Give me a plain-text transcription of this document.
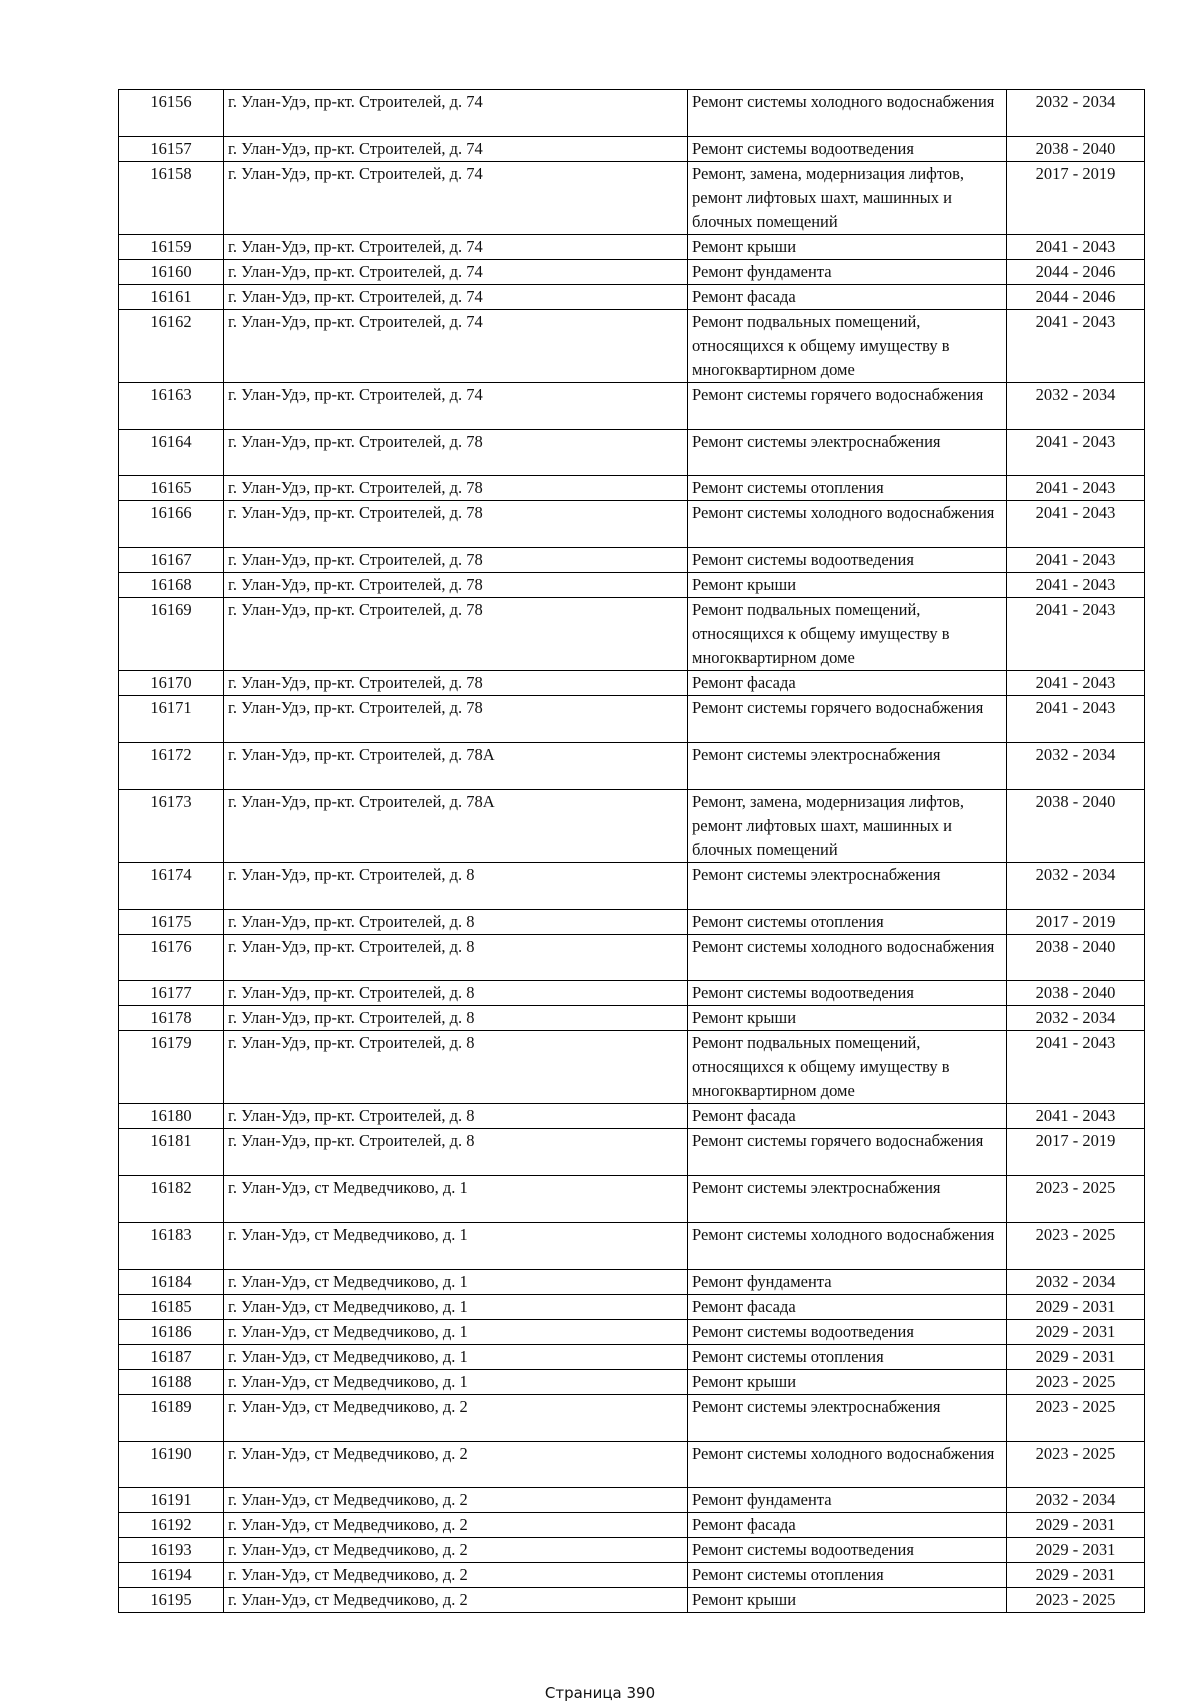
16156	г. Улан-Удэ, пр-кт. Строителей, д. 74	Ремонт системы холодного водоснабжения	2032 - 2034
16157	г. Улан-Удэ, пр-кт. Строителей, д. 74	Ремонт системы водоотведения	2038 - 2040
16158	г. Улан-Удэ, пр-кт. Строителей, д. 74	Ремонт, замена, модернизация лифтов, ремонт лифтовых шахт, машинных и блочных помещений	2017 - 2019
16159	г. Улан-Удэ, пр-кт. Строителей, д. 74	Ремонт крыши	2041 - 2043
16160	г. Улан-Удэ, пр-кт. Строителей, д. 74	Ремонт фундамента	2044 - 2046
16161	г. Улан-Удэ, пр-кт. Строителей, д. 74	Ремонт фасада	2044 - 2046
16162	г. Улан-Удэ, пр-кт. Строителей, д. 74	Ремонт подвальных помещений, относящихся к общему имуществу в многоквартирном доме	2041 - 2043
16163	г. Улан-Удэ, пр-кт. Строителей, д. 74	Ремонт системы горячего водоснабжения	2032 - 2034
16164	г. Улан-Удэ, пр-кт. Строителей, д. 78	Ремонт системы электроснабжения	2041 - 2043
16165	г. Улан-Удэ, пр-кт. Строителей, д. 78	Ремонт системы отопления	2041 - 2043
16166	г. Улан-Удэ, пр-кт. Строителей, д. 78	Ремонт системы холодного водоснабжения	2041 - 2043
16167	г. Улан-Удэ, пр-кт. Строителей, д. 78	Ремонт системы водоотведения	2041 - 2043
16168	г. Улан-Удэ, пр-кт. Строителей, д. 78	Ремонт крыши	2041 - 2043
16169	г. Улан-Удэ, пр-кт. Строителей, д. 78	Ремонт подвальных помещений, относящихся к общему имуществу в многоквартирном доме	2041 - 2043
16170	г. Улан-Удэ, пр-кт. Строителей, д. 78	Ремонт фасада	2041 - 2043
16171	г. Улан-Удэ, пр-кт. Строителей, д. 78	Ремонт системы горячего водоснабжения	2041 - 2043
16172	г. Улан-Удэ, пр-кт. Строителей, д. 78А	Ремонт системы электроснабжения	2032 - 2034
16173	г. Улан-Удэ, пр-кт. Строителей, д. 78А	Ремонт, замена, модернизация лифтов, ремонт лифтовых шахт, машинных и блочных помещений	2038 - 2040
16174	г. Улан-Удэ, пр-кт. Строителей, д. 8	Ремонт системы электроснабжения	2032 - 2034
16175	г. Улан-Удэ, пр-кт. Строителей, д. 8	Ремонт системы отопления	2017 - 2019
16176	г. Улан-Удэ, пр-кт. Строителей, д. 8	Ремонт системы холодного водоснабжения	2038 - 2040
16177	г. Улан-Удэ, пр-кт. Строителей, д. 8	Ремонт системы водоотведения	2038 - 2040
16178	г. Улан-Удэ, пр-кт. Строителей, д. 8	Ремонт крыши	2032 - 2034
16179	г. Улан-Удэ, пр-кт. Строителей, д. 8	Ремонт подвальных помещений, относящихся к общему имуществу в многоквартирном доме	2041 - 2043
16180	г. Улан-Удэ, пр-кт. Строителей, д. 8	Ремонт фасада	2041 - 2043
16181	г. Улан-Удэ, пр-кт. Строителей, д. 8	Ремонт системы горячего водоснабжения	2017 - 2019
16182	г. Улан-Удэ, ст Медведчиково, д. 1	Ремонт системы электроснабжения	2023 - 2025
16183	г. Улан-Удэ, ст Медведчиково, д. 1	Ремонт системы холодного водоснабжения	2023 - 2025
16184	г. Улан-Удэ, ст Медведчиково, д. 1	Ремонт фундамента	2032 - 2034
16185	г. Улан-Удэ, ст Медведчиково, д. 1	Ремонт фасада	2029 - 2031
16186	г. Улан-Удэ, ст Медведчиково, д. 1	Ремонт системы водоотведения	2029 - 2031
16187	г. Улан-Удэ, ст Медведчиково, д. 1	Ремонт системы отопления	2029 - 2031
16188	г. Улан-Удэ, ст Медведчиково, д. 1	Ремонт крыши	2023 - 2025
16189	г. Улан-Удэ, ст Медведчиково, д. 2	Ремонт системы электроснабжения	2023 - 2025
16190	г. Улан-Удэ, ст Медведчиково, д. 2	Ремонт системы холодного водоснабжения	2023 - 2025
16191	г. Улан-Удэ, ст Медведчиково, д. 2	Ремонт фундамента	2032 - 2034
16192	г. Улан-Удэ, ст Медведчиково, д. 2	Ремонт фасада	2029 - 2031
16193	г. Улан-Удэ, ст Медведчиково, д. 2	Ремонт системы водоотведения	2029 - 2031
16194	г. Улан-Удэ, ст Медведчиково, д. 2	Ремонт системы отопления	2029 - 2031
16195	г. Улан-Удэ, ст Медведчиково, д. 2	Ремонт крыши	2023 - 2025
Страница 390
